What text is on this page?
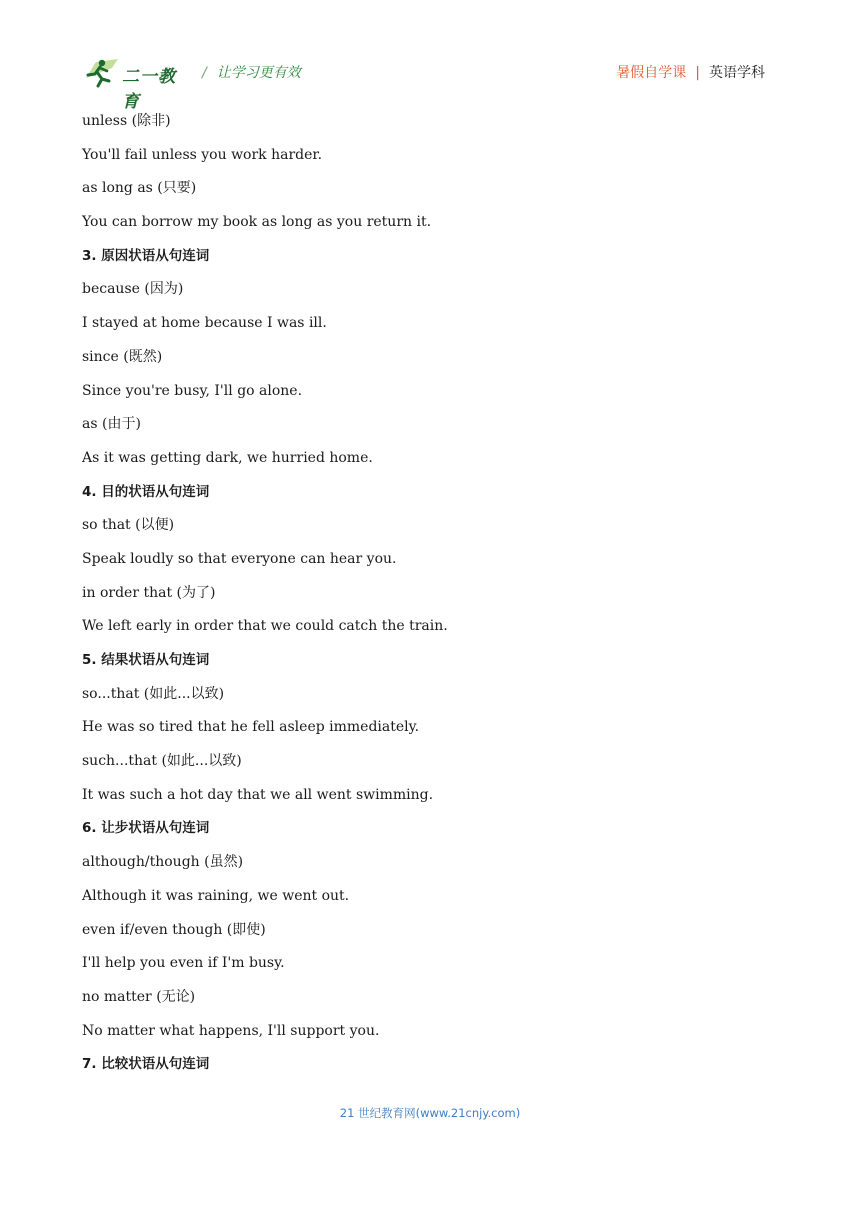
二一教育
/ 让学习更有效	暑假自学课 | 英语学科
unless (除非)
You'll fail unless you work harder.
as long as (只要)
You can borrow my book as long as you return it.
3. 原因状语从句连词
because (因为)
I stayed at home because I was ill.
since (既然)
Since you're busy, I'll go alone.
as (由于)
As it was getting dark, we hurried home.
4. 目的状语从句连词
so that (以便)
Speak loudly so that everyone can hear you.
in order that (为了)
We left early in order that we could catch the train.
5. 结果状语从句连词
so...that (如此...以致)
He was so tired that he fell asleep immediately.
such...that (如此...以致)
It was such a hot day that we all went swimming.
6. 让步状语从句连词
although/though (虽然)
Although it was raining, we went out.
even if/even though (即使)
I'll help you even if I'm busy.
no matter (无论)
No matter what happens, I'll support you.
7. 比较状语从句连词
21 世纪教育网(www.21cnjy.com)
